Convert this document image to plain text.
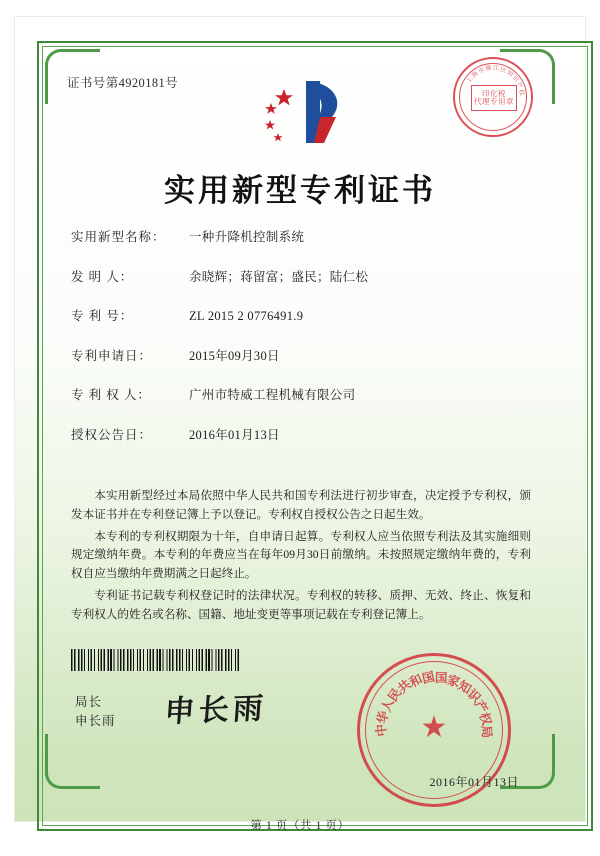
证书号第4920181号	上
海
市 佛 江 区
知
识
产
权
印化税
代理专用章
实用新型专利证书
实用新型名称：	一种升降机控制系统
发 明 人：	余晓辉；蒋留富；盛民；陆仁松
专 利 号：	ZL 2015 2 0776491.9
专利申请日：	2015年09月30日
专 利 权 人：	广州市特威工程机械有限公司
授权公告日：	2016年01月13日

本实用新型经过本局依照中华人民共和国专利法进行初步审查，决定授予专利权，颁发本证书并在专利登记簿上予以登记。专利权自授权公告之日起生效。

本专利的专利权期限为十年，自申请日起算。专利权人应当依照专利法及其实施细则规定缴纳年费。本专利的年费应当在每年09月30日前缴纳。未按照规定缴纳年费的，专利权自应当缴纳年费期满之日起终止。

专利证书记载专利权登记时的法律状况。专利权的转移、质押、无效、终止、恢复和专利权人的姓名或名称、国籍、地址变更等事项记载在专利登记簿上。

局长
申长雨 申长雨
中
华
人
民
共
和
国
国
家
知
识
产
权
局
★
2016年01月13日
第 1 页（共 1 页）
